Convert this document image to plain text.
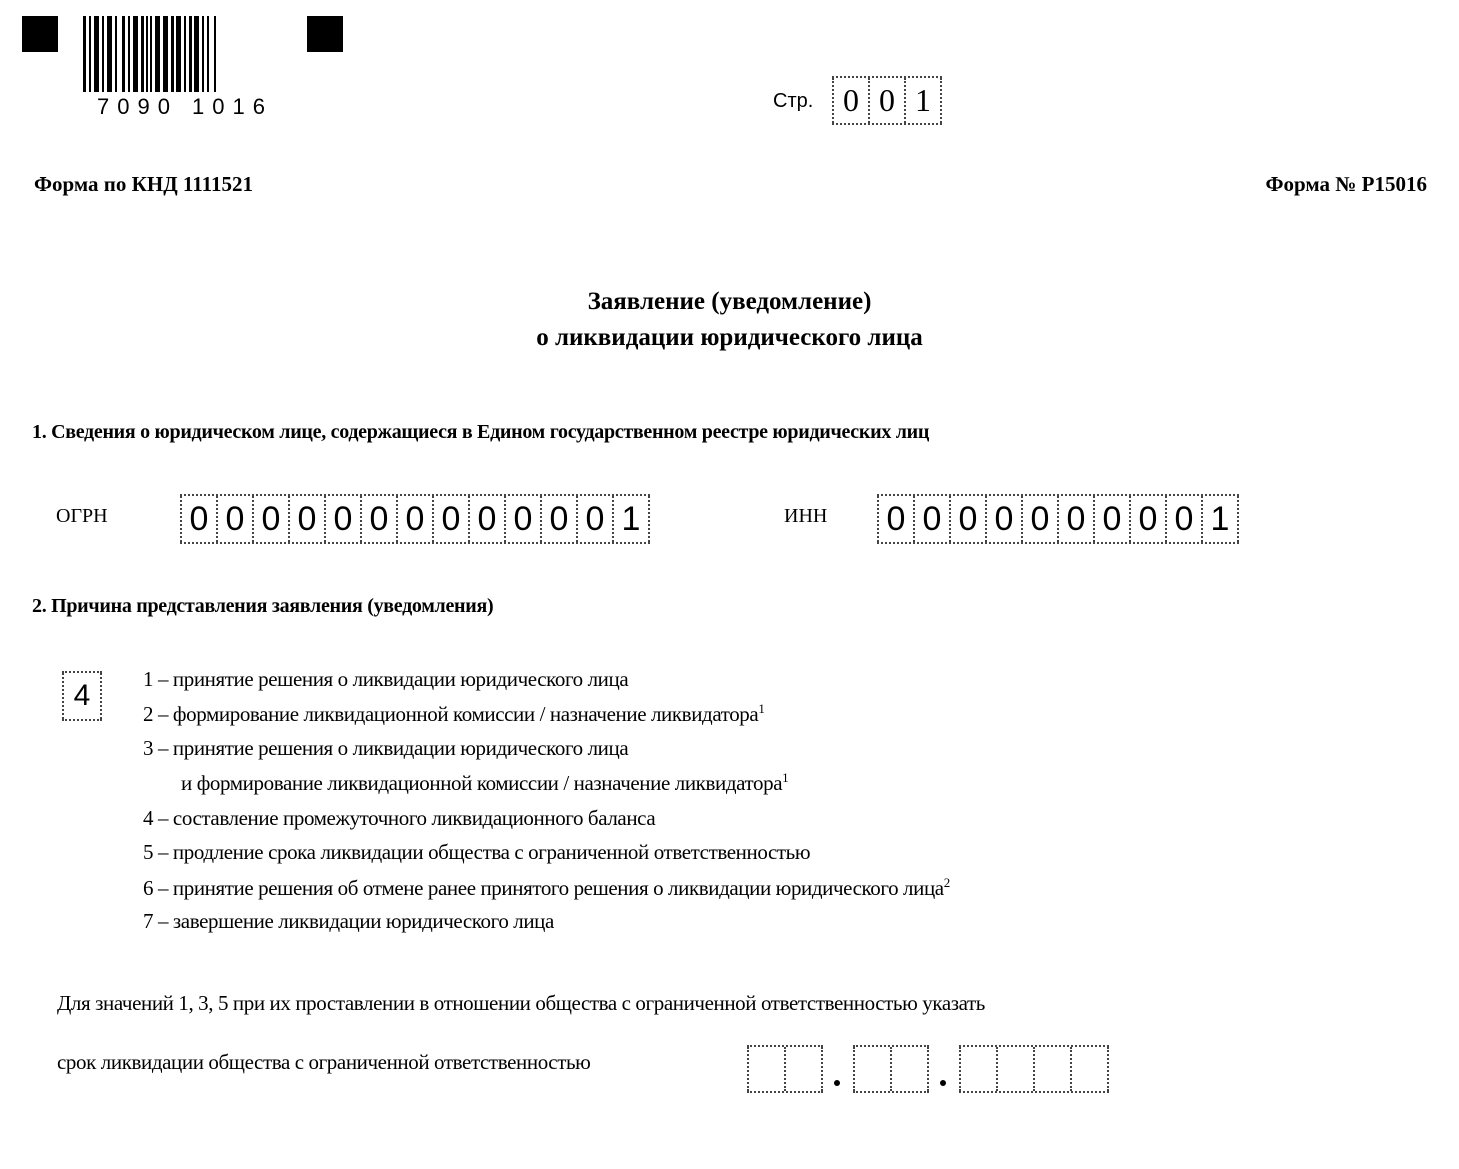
7090 1016	Стр. 0 0 1
Форма по КНД 1111521	Форма № Р15016
Заявление (уведомление)
о ликвидации юридического лица
1. Сведения о юридическом лице, содержащиеся в Едином государственном реестре юридических лиц
ОГРН 0 0 0 0 0 0 0 0 0 0 0 0 1	ИНН 0 0 0 0 0 0 0 0 0 1
2. Причина представления заявления (уведомления)
4	1 – принятие решения о ликвидации юридического лица
2 – формирование ликвидационной комиссии / назначение ликвидатора$^1$
3 – принятие решения о ликвидации юридического лица
и формирование ликвидационной комиссии / назначение ликвидатора$^1$
4 – составление промежуточного ликвидационного баланса
5 – продление срока ликвидации общества с ограниченной ответственностью
6 – принятие решения об отмене ранее принятого решения о ликвидации юридического лица$^2$
7 – завершение ликвидации юридического лица
Для значений 1, 3, 5 при их проставлении в отношении общества с ограниченной ответственностью указать
срок ликвидации общества с ограниченной ответственностью
